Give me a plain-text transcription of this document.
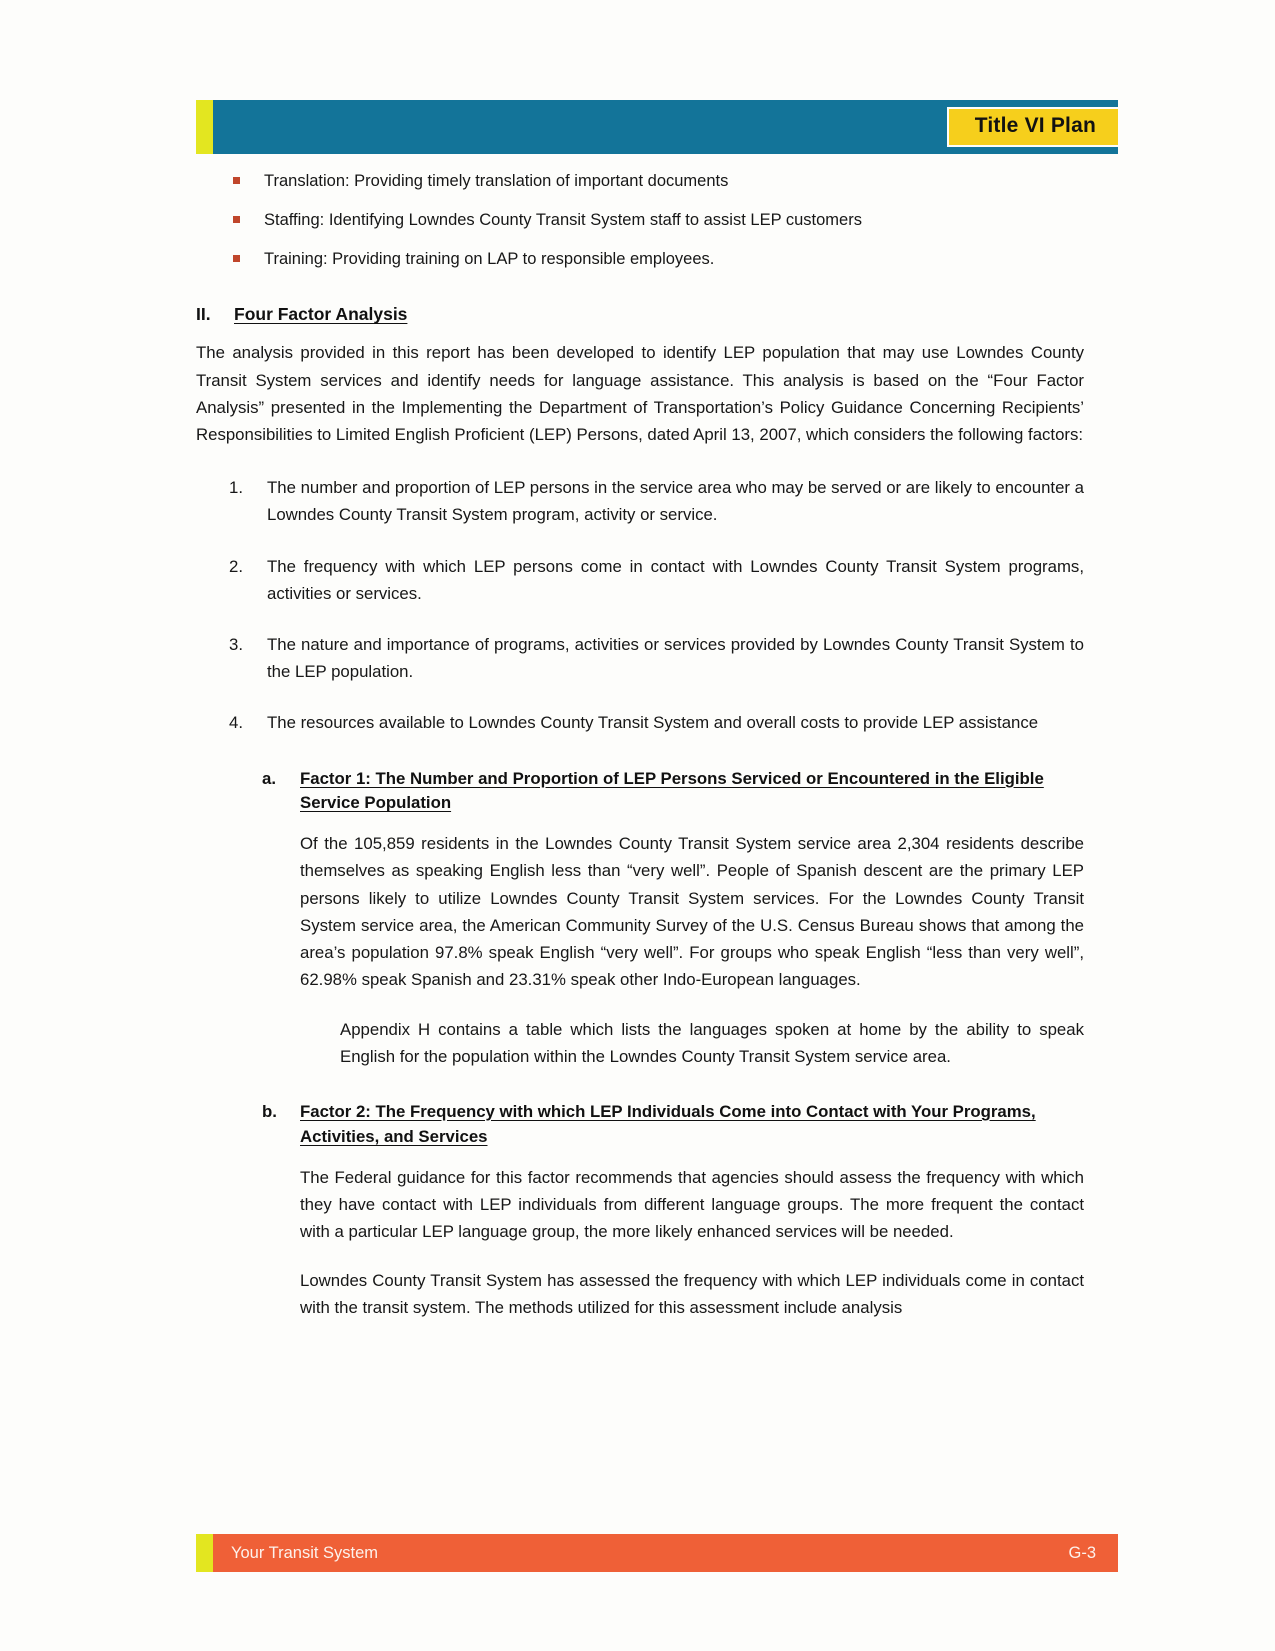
Title VI Plan
Translation: Providing timely translation of important documents
Staffing: Identifying Lowndes County Transit System staff to assist LEP customers
Training: Providing training on LAP to responsible employees.
II.	Four Factor Analysis

The analysis provided in this report has been developed to identify LEP population that may use Lowndes County Transit System services and identify needs for language assistance. This analysis is based on the “Four Factor Analysis” presented in the Implementing the Department of Transportation’s Policy Guidance Concerning Recipients’ Responsibilities to Limited English Proficient (LEP) Persons, dated April 13, 2007, which considers the following factors:

1.	The number and proportion of LEP persons in the service area who may be served or are likely to encounter a Lowndes County Transit System program, activity or service.
2.	The frequency with which LEP persons come in contact with Lowndes County Transit System programs, activities or services.
3.	The nature and importance of programs, activities or services provided by Lowndes County Transit System to the LEP population.
4.	The resources available to Lowndes County Transit System and overall costs to provide LEP assistance
a.	Factor 1: The Number and Proportion of LEP Persons Serviced or Encountered in the Eligible Service Population

Of the 105,859 residents in the Lowndes County Transit System service area 2,304 residents describe themselves as speaking English less than “very well”. People of Spanish descent are the primary LEP persons likely to utilize Lowndes County Transit System services. For the Lowndes County Transit System service area, the American Community Survey of the U.S. Census Bureau shows that among the area’s population 97.8% speak English “very well”. For groups who speak English “less than very well”, 62.98% speak Spanish and 23.31% speak other Indo-European languages.

Appendix H contains a table which lists the languages spoken at home by the ability to speak English for the population within the Lowndes County Transit System service area.

b.	Factor 2: The Frequency with which LEP Individuals Come into Contact with Your Programs, Activities, and Services

The Federal guidance for this factor recommends that agencies should assess the frequency with which they have contact with LEP individuals from different language groups. The more frequent the contact with a particular LEP language group, the more likely enhanced services will be needed.

Lowndes County Transit System has assessed the frequency with which LEP individuals come in contact with the transit system. The methods utilized for this assessment include analysis

Your Transit System	G-3
